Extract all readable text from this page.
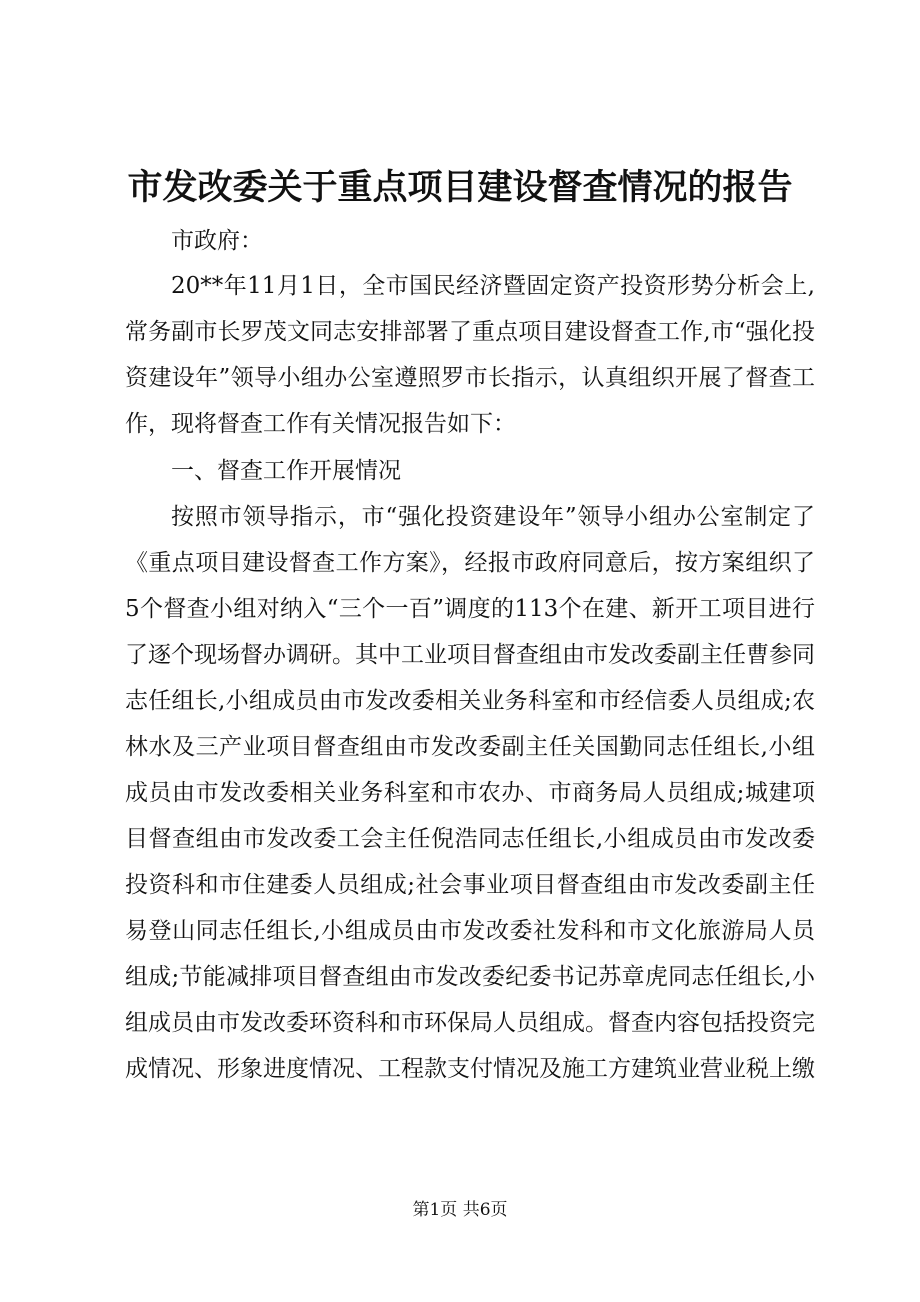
市发改委关于重点项目建设督查情况的报告

市政府：

20**年11月1日，全市国民经济暨固定资产投资形势分析会上,常务副市长罗茂文同志安排部署了重点项目建设督查工作,市“强化投资建设年”领导小组办公室遵照罗市长指示，认真组织开展了督查工作，现将督查工作有关情况报告如下：

一、督查工作开展情况

按照市领导指示，市“强化投资建设年”领导小组办公室制定了《重点项目建设督查工作方案》，经报市政府同意后，按方案组织了5个督查小组对纳入“三个一百”调度的113个在建、新开工项目进行了逐个现场督办调研。其中工业项目督查组由市发改委副主任曹参同志任组长,小组成员由市发改委相关业务科室和市经信委人员组成;农林水及三产业项目督查组由市发改委副主任关国勤同志任组长,小组成员由市发改委相关业务科室和市农办、市商务局人员组成;城建项目督查组由市发改委工会主任倪浩同志任组长,小组成员由市发改委投资科和市住建委人员组成;社会事业项目督查组由市发改委副主任易登山同志任组长,小组成员由市发改委社发科和市文化旅游局人员组成;节能减排项目督查组由市发改委纪委书记苏章虎同志任组长,小组成员由市发改委环资科和市环保局人员组成。督查内容包括投资完成情况、形象进度情况、工程款支付情况及施工方建筑业营业税上缴

第1页 共6页
